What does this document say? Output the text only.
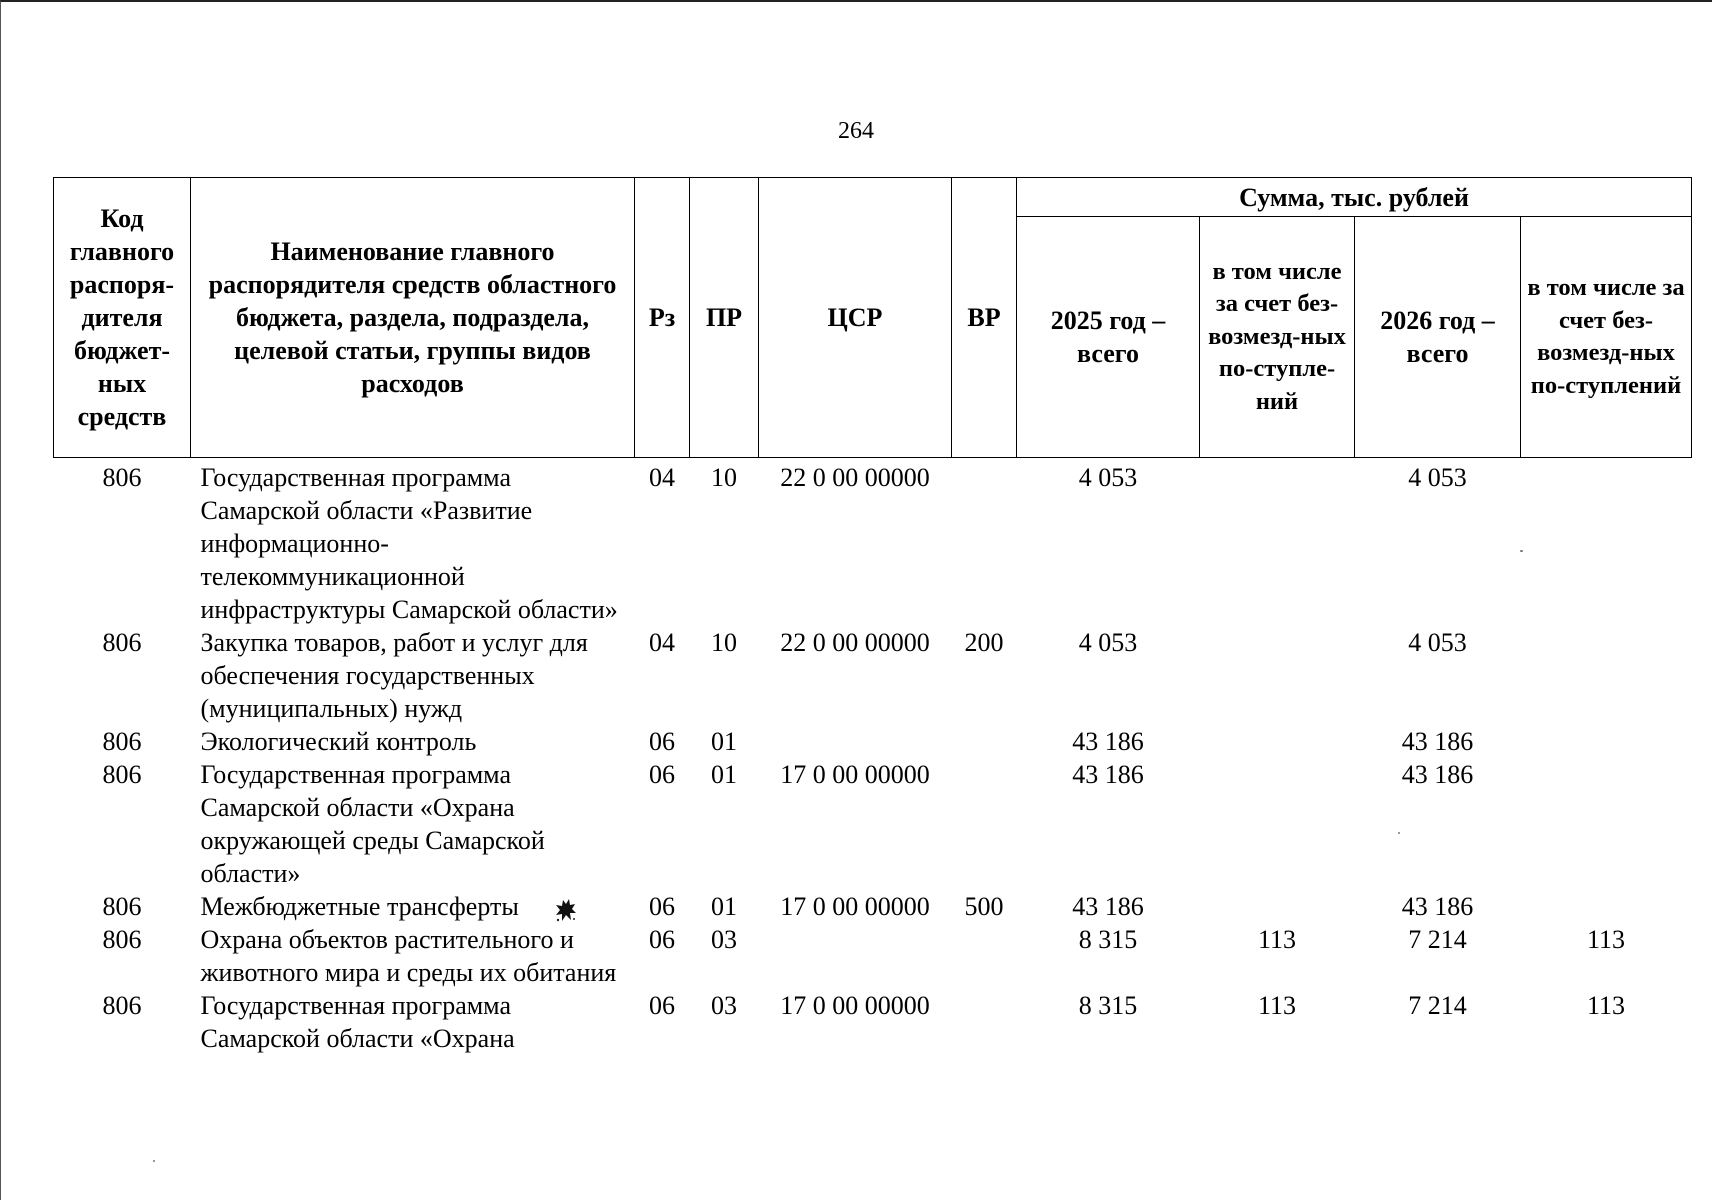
264
Код главного распоря-дителя бюджет-ных средств	Наименование главного распорядителя средств областного бюджета, раздела, подраздела, целевой статьи, группы видов расходов	Рз	ПР	ЦСР	ВР	Сумма, тыс. рублей			
						2025 год – всего	в том числе за счет без-возмезд-ных по-ступле-ний	2026 год – всего	в том числе за счет без-возмезд-ных по-ступлений
806	Государственная программа Самарской области «Развитие информационно-телекоммуникационной инфраструктуры Самарской области»	04	10	22 0 00 00000		4 053		4 053	
806	Закупка товаров, работ и услуг для обеспечения государственных (муниципальных) нужд	04	10	22 0 00 00000	200	4 053		4 053	
806	Экологический контроль	06	01			43 186		43 186	
806	Государственная программа Самарской области «Охрана окружающей среды Самарской области»	06	01	17 0 00 00000		43 186		43 186	
806	Межбюджетные трансферты	06	01	17 0 00 00000	500	43 186		43 186	
806	Охрана объектов растительного и животного мира и среды их обитания	06	03			8 315	113	7 214	113
806	Государственная программа Самарской области «Охрана	06	03	17 0 00 00000		8 315	113	7 214	113
